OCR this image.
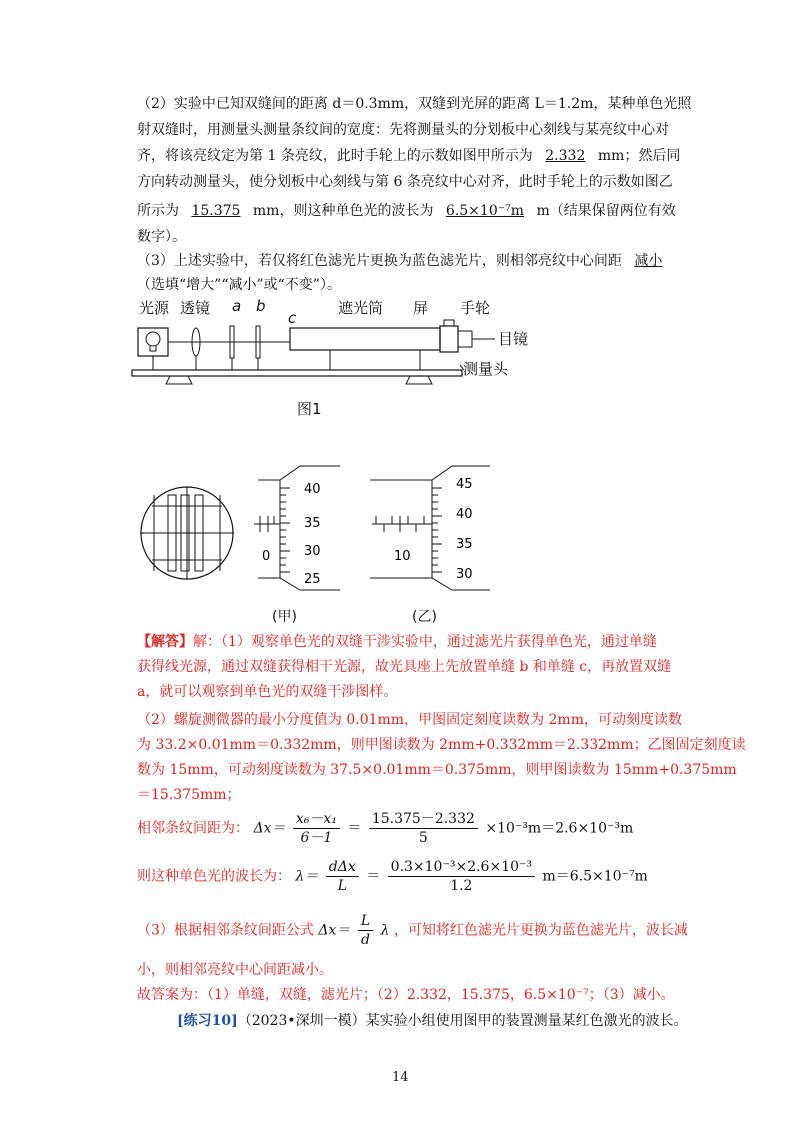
（2）实验中已知双缝间的距离 d＝0.3mm，双缝到光屏的距离 L＝1.2m，某种单色光照
射双缝时，用测量头测量条纹间的宽度：先将测量头的分划板中心刻线与某亮纹中心对
齐，将该亮纹定为第 1 条亮纹，此时手轮上的示数如图甲所示为 2.332 mm；然后同
方向转动测量头，使分划板中心刻线与第 6 条亮纹中心对齐，此时手轮上的示数如图乙
所示为 15.375 mm，则这种单色光的波长为 6.5×10⁻⁷m m（结果保留两位有效
数字）。
（3）上述实验中，若仅将红色滤光片更换为蓝色滤光片，则相邻亮纹中心间距 减小
（选填“增大”“减小”或“不变”）。
光源 透镜 a b
c
遮光筒 屏 手轮
目镜
测量头
图1
40
35
30
25
0
45
40
35
30
10
(甲)	(乙)
【解答】解：（1）观察单色光的双缝干涉实验中，通过滤光片获得单色光，通过单缝
获得线光源，通过双缝获得相干光源，故光具座上先放置单缝 b 和单缝 c，再放置双缝
a，就可以观察到单色光的双缝干涉图样。
（2）螺旋测微器的最小分度值为 0.01mm，甲图固定刻度读数为 2mm，可动刻度读数
为 33.2×0.01mm＝0.332mm，则甲图读数为 2mm+0.332mm＝2.332mm；乙图固定刻度读
数为 15mm，可动刻度读数为 37.5×0.01mm＝0.375mm，则甲图读数为 15mm+0.375mm
＝15.375mm；
相邻条纹间距为： $\Delta x= \frac{\text{x₆－x₁}}{6-1} = \frac{15.375-2.332}{5} \times 10^{-3}m=2.6\times 10^{-3}m$
则这种单色光的波长为： $\lambda= \frac{\text{dΔx}}{L} = \frac{\text{0.3×10⁻³×2.6×10⁻³}}{1.2} m=6.5\times 10^{-7}m$
（3）根据相邻条纹间距公式 $\Delta x= \frac{L}{d}$ λ ，可知将红色滤光片更换为蓝色滤光片，波长减
小，则相邻亮纹中心间距减小。
故答案为：（1）单缝，双缝，滤光片；（2）2.332，15.375，6.5×10⁻⁷；（3）减小。
[练习10]（2023•深圳一模）某实验小组使用图甲的装置测量某红色激光的波长。
14
